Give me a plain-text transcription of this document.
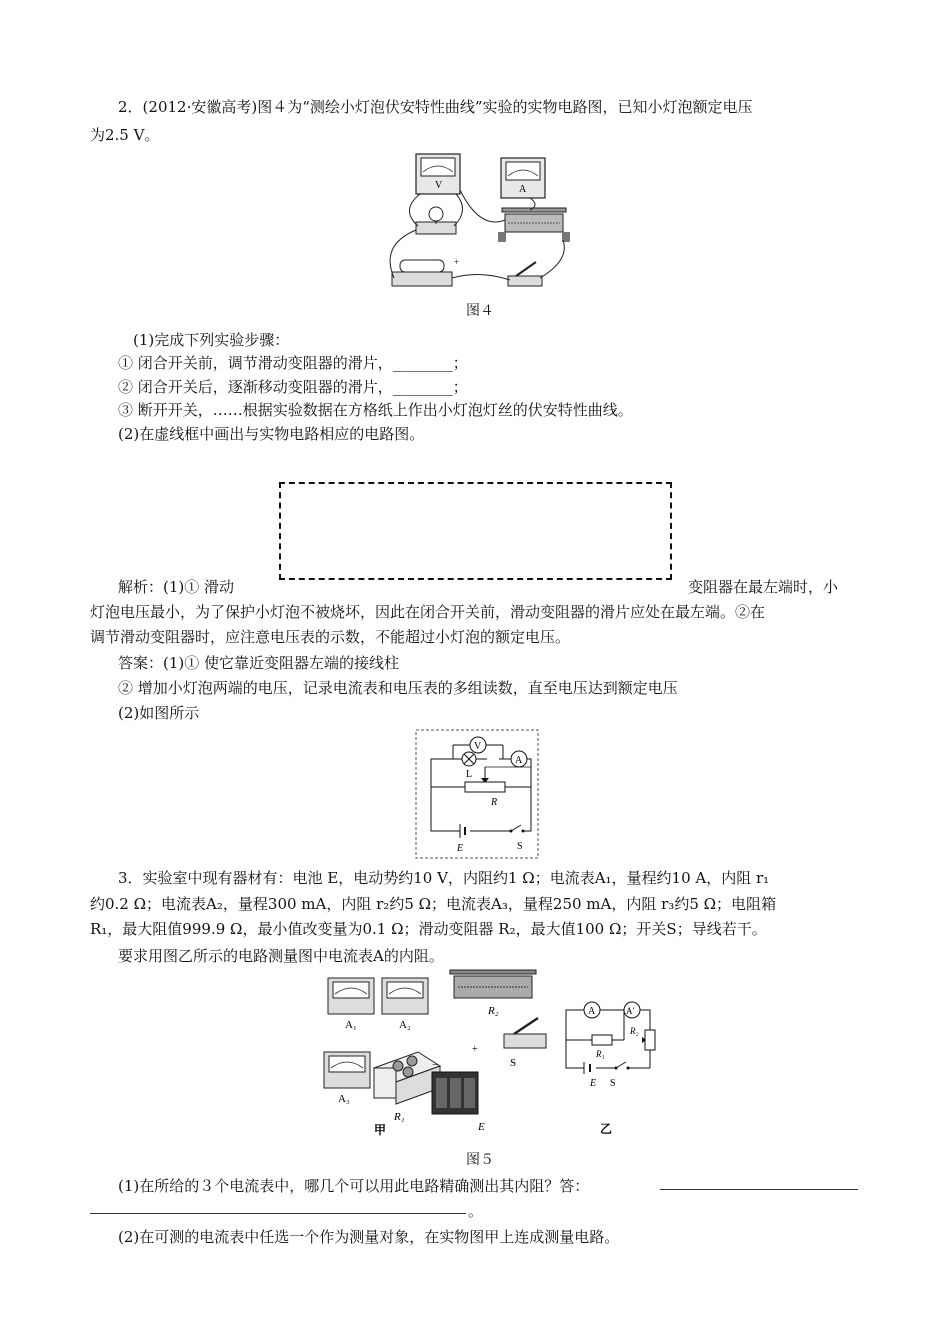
2．(2012·安徽高考)图４为“测绘小灯泡伏安特性曲线”实验的实物电路图，已知小灯泡额定电压
为2.5 V。
V	A
+
图４
(1)完成下列实验步骤：
① 闭合开关前，调节滑动变阻器的滑片，________；
② 闭合开关后，逐渐移动变阻器的滑片，________；
③ 断开开关，……根据实验数据在方格纸上作出小灯泡灯丝的伏安特性曲线。
(2)在虚线框中画出与实物电路相应的电路图。
解析：(1)① 滑动	变阻器在最左端时，小
灯泡电压最小，为了保护小灯泡不被烧坏，因此在闭合开关前，滑动变阻器的滑片应处在最左端。②在
调节滑动变阻器时，应注意电压表的示数，不能超过小灯泡的额定电压。
答案：(1)① 使它靠近变阻器左端的接线柱
② 增加小灯泡两端的电压，记录电流表和电压表的多组读数，直至电压达到额定电压
(2)如图所示
V
A
L
R
E	S
3．实验室中现有器材有：电池 E，电动势约10 V，内阻约1 Ω；电流表A₁，量程约10 A，内阻 r₁
约0.2 Ω；电流表A₂，量程300 mA，内阻 r₂约5 Ω；电流表A₃，量程250 mA，内阻 r₃约5 Ω；电阻箱
R₁，最大阻值999.9 Ω，最小值改变量为0.1 Ω；滑动变阻器 R₂，最大值100 Ω；开关S；导线若干。
要求用图乙所示的电路测量图中电流表A的内阻。
A₁	A₂
A₃
R₂
R₁
S
−
+
E
甲
A	A′
R₁
R₂
E S
乙
图５
(1)在所给的３个电流表中，哪几个可以用此电路精确测出其内阻？答：
。
(2)在可测的电流表中任选一个作为测量对象，在实物图甲上连成测量电路。
